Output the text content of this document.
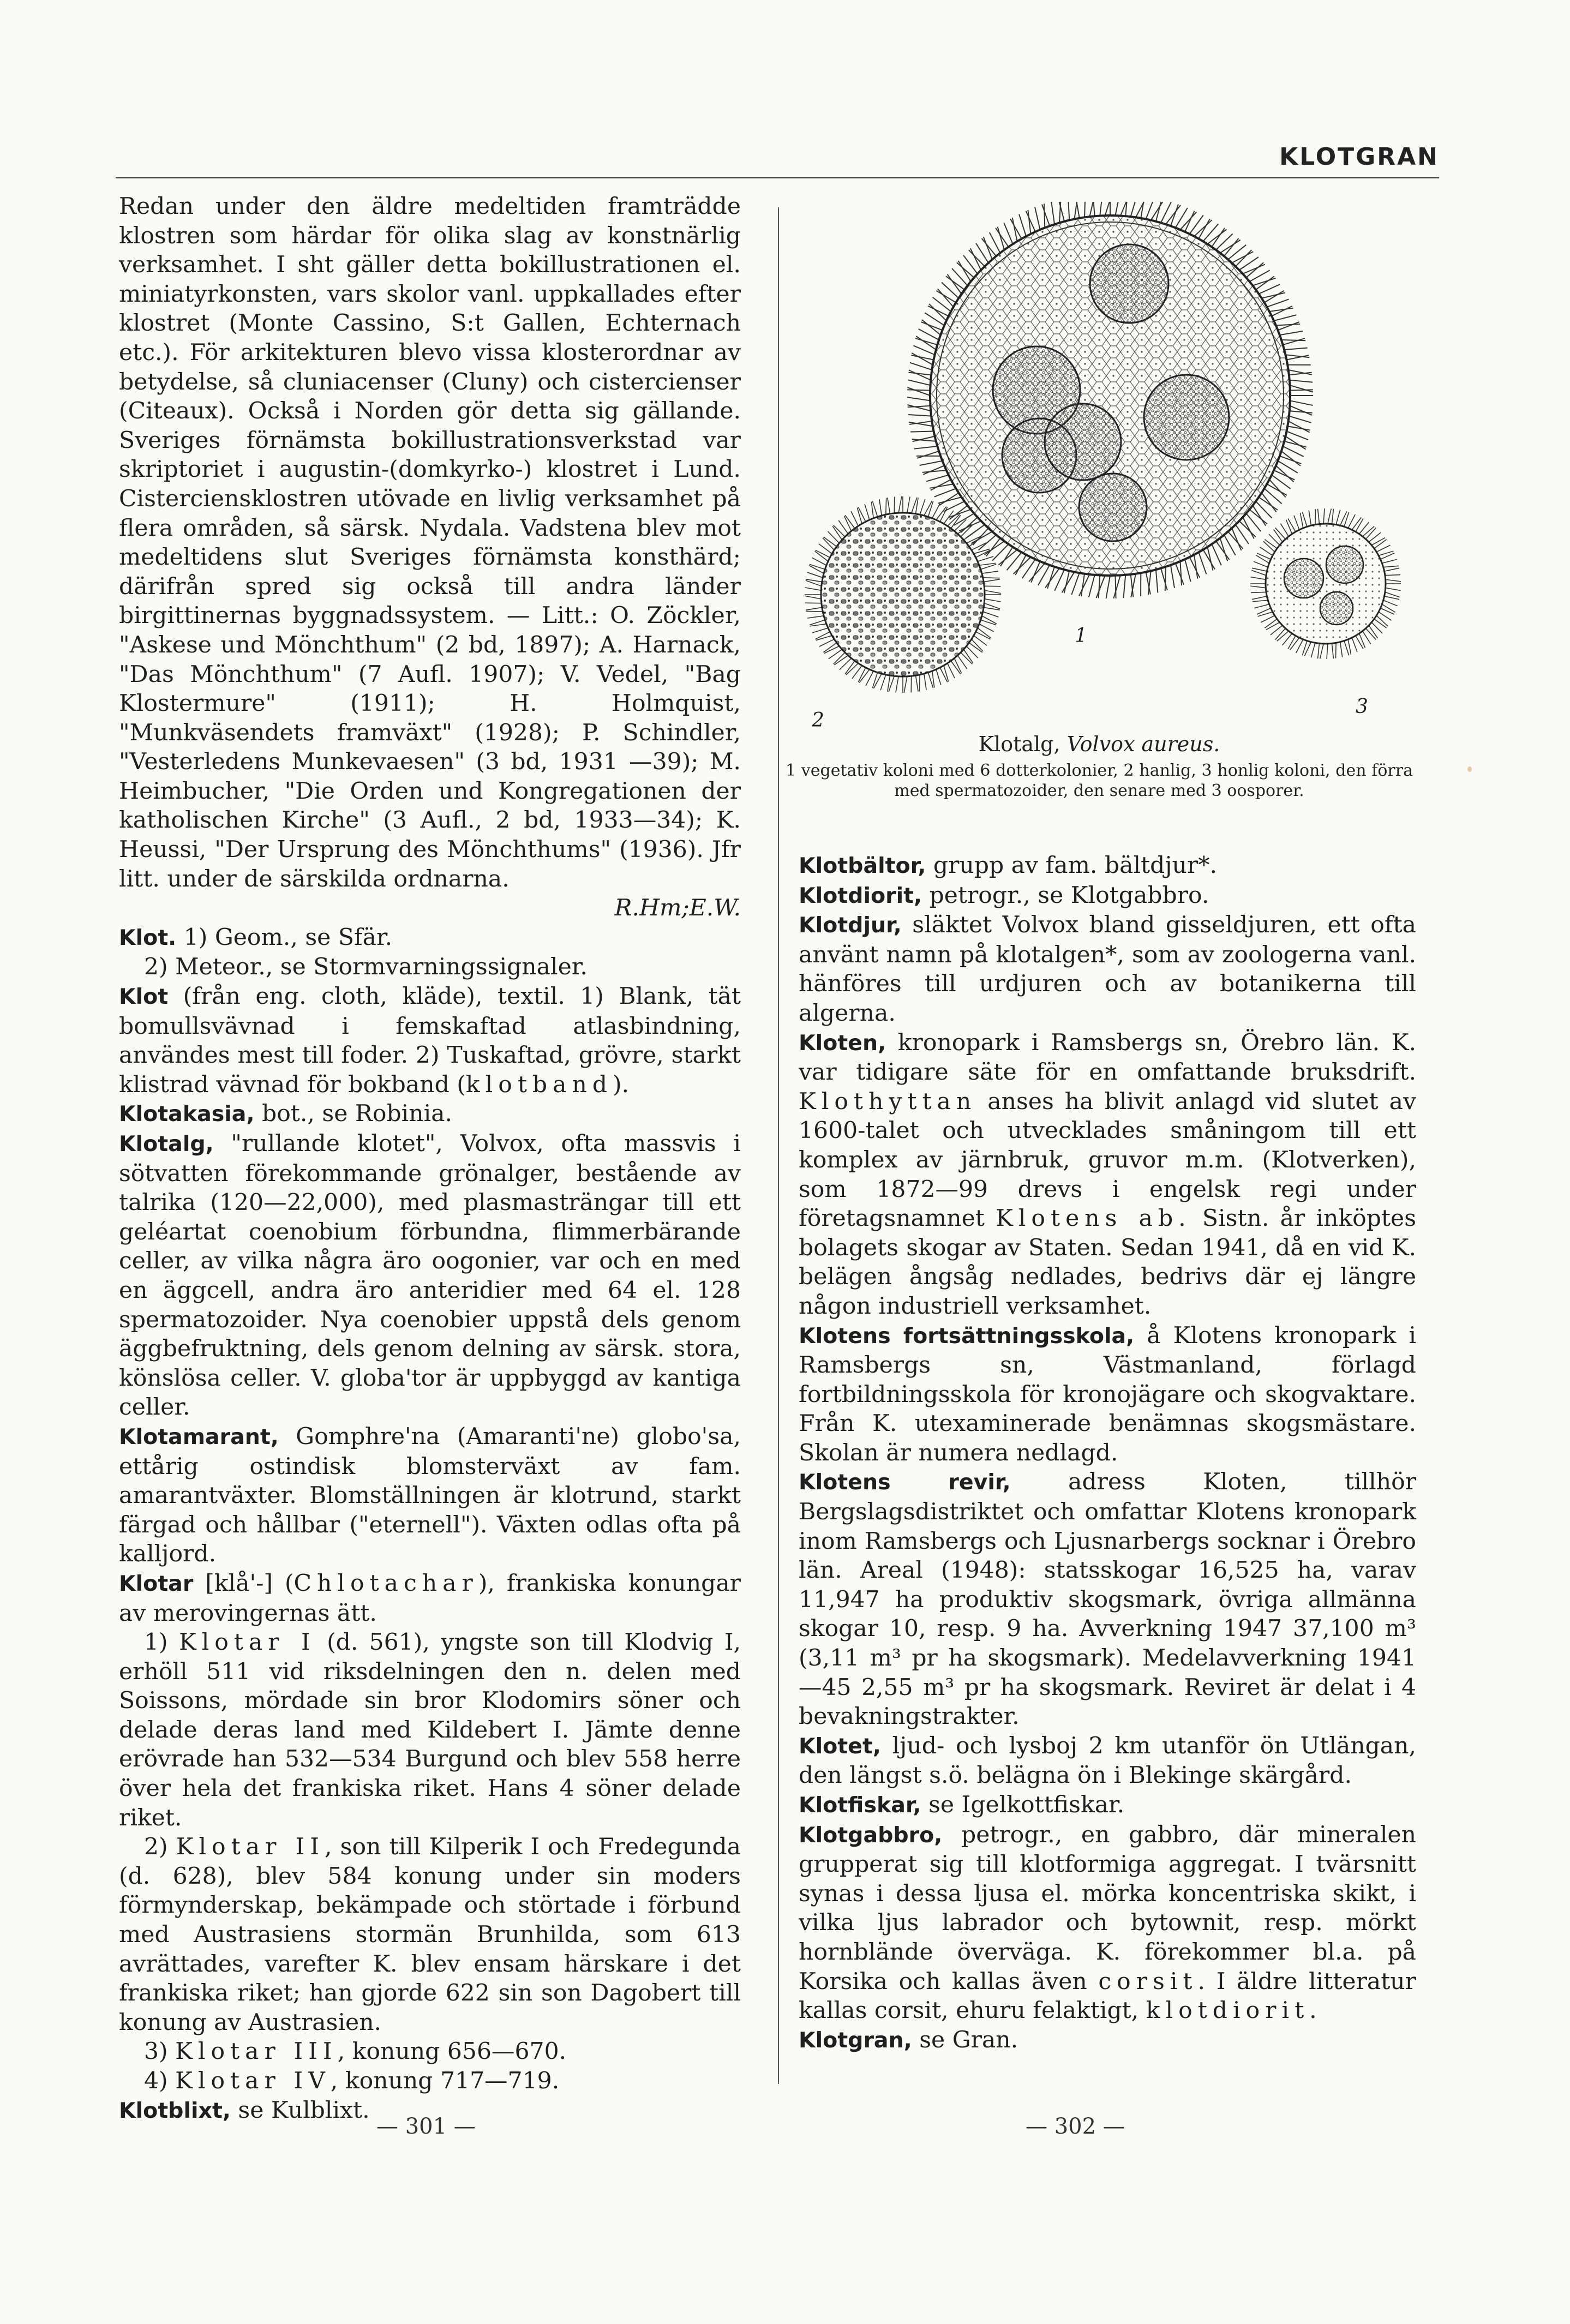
KLOTGRAN

Redan under den äldre medeltiden framträdde klostren som härdar för olika slag av konstnärlig verksamhet. I sht gäller detta bokillustrationen el. miniatyrkonsten, vars skolor vanl. uppkallades efter klostret (Monte Cassino, S:t Gallen, Echternach etc.). För arkitekturen blevo vissa klosterordnar av betydelse, så cluniacenser (Cluny) och cistercienser (Citeaux). Också i Norden gör detta sig gällande. Sveriges förnämsta bokillustrationsverkstad var skriptoriet i augustin-(domkyrko-) klostret i Lund. Cisterciensklostren utövade en livlig verksamhet på flera områden, så särsk. Nydala. Vadstena blev mot medeltidens slut Sveriges förnämsta konsthärd; därifrån spred sig också till andra länder birgittinernas byggnadssystem. — Litt.: O. Zöckler, "Askese und Mönchthum" (2 bd, 1897); A. Harnack, "Das Mönchthum" (7 Aufl. 1907); V. Vedel, "Bag Klostermure" (1911); H. Holmquist, "Munkväsendets framväxt" (1928); P. Schindler, "Vesterledens Munkevaesen" (3 bd, 1931 —39); M. Heimbucher, "Die Orden und Kongregationen der katholischen Kirche" (3 Aufl., 2 bd, 1933—34); K. Heussi, "Der Ursprung des Mönchthums" (1936). Jfr litt. under de särskilda ordnarna.

R.Hm;E.W.

Klot. 1) Geom., se Sfär.

2) Meteor., se Stormvarningssignaler.

Klot (från eng. cloth, kläde), textil. 1) Blank, tät bomullsvävnad i femskaftad atlasbindning, användes mest till foder. 2) Tuskaftad, grövre, starkt klistrad vävnad för bokband (klotband).

Klotakasia, bot., se Robinia.

Klotalg, "rullande klotet", Volvox, ofta massvis i sötvatten förekommande grönalger, bestående av talrika (120—22,000), med plasmasträngar till ett geléartat coenobium förbundna, flimmerbärande celler, av vilka några äro oogonier, var och en med en äggcell, andra äro anteridier med 64 el. 128 spermatozoider. Nya coenobier uppstå dels genom äggbefruktning, dels genom delning av särsk. stora, könslösa celler. V. globa'tor är uppbyggd av kantiga celler.

Klotamarant, Gomphre'na (Amaranti'ne) globo'sa, ettårig ostindisk blomsterväxt av fam. amarantväxter. Blomställningen är klotrund, starkt färgad och hållbar ("eternell"). Växten odlas ofta på kalljord.

Klotar [klå'-] (Chlotachar), frankiska konungar av merovingernas ätt.

1) Klotar I (d. 561), yngste son till Klodvig I, erhöll 511 vid riksdelningen den n. delen med Soissons, mördade sin bror Klodomirs söner och delade deras land med Kildebert I. Jämte denne erövrade han 532—534 Burgund och blev 558 herre över hela det frankiska riket. Hans 4 söner delade riket.

2) Klotar II, son till Kilperik I och Fredegunda (d. 628), blev 584 konung under sin moders förmynderskap, bekämpade och störtade i förbund med Austrasiens stormän Brunhilda, som 613 avrättades, varefter K. blev ensam härskare i det frankiska riket; han gjorde 622 sin son Dagobert till konung av Austrasien.

3) Klotar III, konung 656—670.

4) Klotar IV, konung 717—719.

Klotblixt, se Kulblixt.

1
2
3
Klotalg, Volvox aureus.
1 vegetativ koloni med 6 dotterkolonier, 2 hanlig, 3 honlig koloni, den förra med spermatozoider, den senare med 3 oosporer.

Klotbältor, grupp av fam. bältdjur*.

Klotdiorit, petrogr., se Klotgabbro.

Klotdjur, släktet Volvox bland gisseldjuren, ett ofta använt namn på klotalgen*, som av zoologerna vanl. hänföres till urdjuren och av botanikerna till algerna.

Kloten, kronopark i Ramsbergs sn, Örebro län. K. var tidigare säte för en omfattande bruksdrift. Klothyttan anses ha blivit anlagd vid slutet av 1600-talet och utvecklades småningom till ett komplex av järnbruk, gruvor m.m. (Klotverken), som 1872—99 drevs i engelsk regi under företagsnamnet Klotens ab. Sistn. år inköptes bolagets skogar av Staten. Sedan 1941, då en vid K. belägen ångsåg nedlades, bedrivs där ej längre någon industriell verksamhet.

Klotens fortsättningsskola, å Klotens kronopark i Ramsbergs sn, Västmanland, förlagd fortbildningsskola för kronojägare och skogvaktare. Från K. utexaminerade benämnas skogsmästare. Skolan är numera nedlagd.

Klotens revir, adress Kloten, tillhör Bergslagsdistriktet och omfattar Klotens kronopark inom Ramsbergs och Ljusnarbergs socknar i Örebro län. Areal (1948): statsskogar 16,525 ha, varav 11,947 ha produktiv skogsmark, övriga allmänna skogar 10, resp. 9 ha. Avverkning 1947 37,100 m³ (3,11 m³ pr ha skogsmark). Medelavverkning 1941—45 2,55 m³ pr ha skogsmark. Reviret är delat i 4 bevakningstrakter.

Klotet, ljud- och lysboj 2 km utanför ön Utlängan, den längst s.ö. belägna ön i Blekinge skärgård.

Klotfiskar, se Igelkottfiskar.

Klotgabbro, petrogr., en gabbro, där mineralen grupperat sig till klotformiga aggregat. I tvärsnitt synas i dessa ljusa el. mörka koncentriska skikt, i vilka ljus labrador och bytownit, resp. mörkt hornblände överväga. K. förekommer bl.a. på Korsika och kallas även corsit. I äldre litteratur kallas corsit, ehuru felaktigt, klotdiorit.

Klotgran, se Gran.

— 301 —	— 302 —
